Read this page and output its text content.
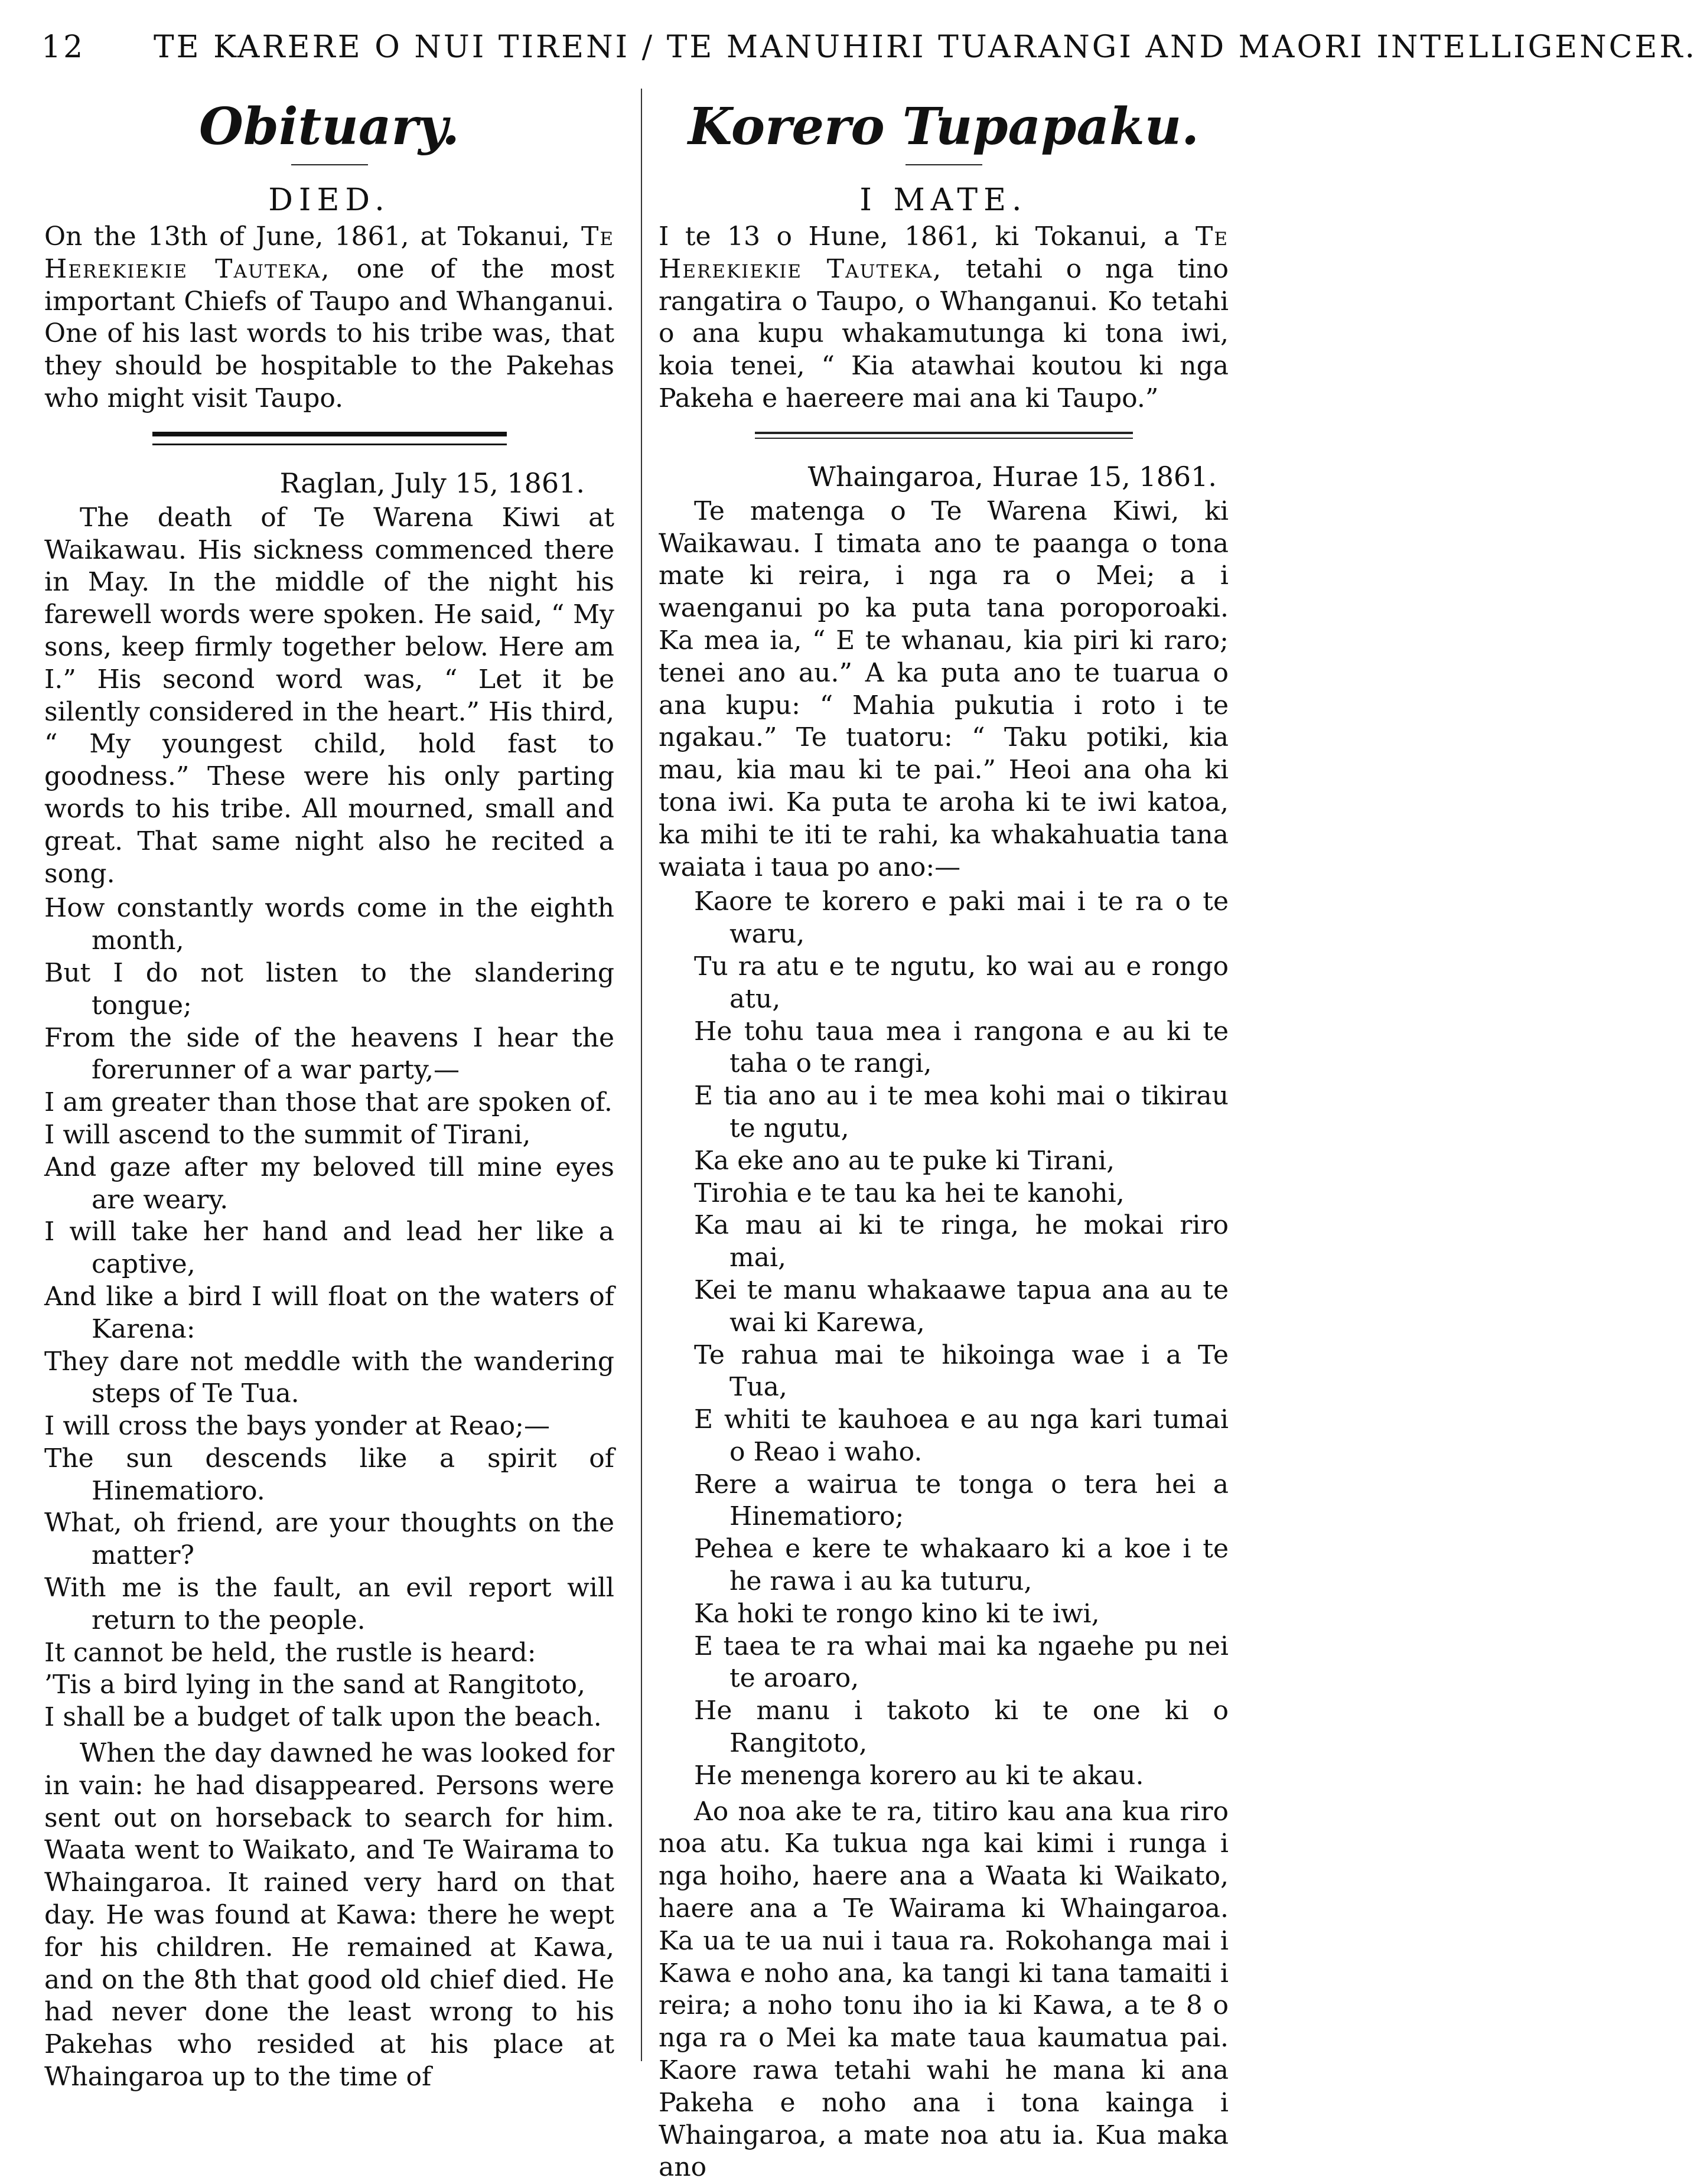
12 TE KARERE O NUI TIRENI / TE MANUHIRI TUARANGI AND MAORI INTELLIGENCER.
Obituary.
DIED.

On the 13th of June, 1861, at Tokanui, Te Herekiekie Tauteka, one of the most important Chiefs of Taupo and Whanganui. One of his last words to his tribe was, that they should be hospitable to the Pakehas who might visit Taupo.

Raglan, July 15, 1861.

The death of Te Warena Kiwi at Waikawau. His sickness commenced there in May. In the middle of the night his farewell words were spoken. He said, “ My sons, keep firmly together below. Here am I.” His second word was, “ Let it be silently considered in the heart.” His third, “ My youngest child, hold fast to goodness.” These were his only parting words to his tribe. All mourned, small and great. That same night also he recited a song.

How constantly words come in the eighth month,
But I do not listen to the slandering tongue;
From the side of the heavens I hear the forerunner of a war party,—
I am greater than those that are spoken of.
I will ascend to the summit of Tirani,
And gaze after my beloved till mine eyes are weary.
I will take her hand and lead her like a captive,
And like a bird I will float on the waters of Karena:
They dare not meddle with the wandering steps of Te Tua.
I will cross the bays yonder at Reao;—
The sun descends like a spirit of Hinematioro.
What, oh friend, are your thoughts on the matter?
With me is the fault, an evil report will return to the people.
It cannot be held, the rustle is heard:
’Tis a bird lying in the sand at Rangitoto,
I shall be a budget of talk upon the beach.

When the day dawned he was looked for in vain: he had disappeared. Persons were sent out on horseback to search for him. Waata went to Waikato, and Te Wairama to Whaingaroa. It rained very hard on that day. He was found at Kawa: there he wept for his children. He remained at Kawa, and on the 8th that good old chief died. He had never done the least wrong to his Pakehas who resided at his place at Whaingaroa up to the time of

Korero Tupapaku.
I MATE.

I te 13 o Hune, 1861, ki Tokanui, a Te Herekiekie Tauteka, tetahi o nga tino rangatira o Taupo, o Whanganui. Ko tetahi o ana kupu whakamutunga ki tona iwi, koia tenei, “ Kia atawhai koutou ki nga Pakeha e haereere mai ana ki Taupo.”

Whaingaroa, Hurae 15, 1861.

Te matenga o Te Warena Kiwi, ki Waikawau. I timata ano te paanga o tona mate ki reira, i nga ra o Mei; a i waenganui po ka puta tana poroporoaki. Ka mea ia, “ E te whanau, kia piri ki raro; tenei ano au.” A ka puta ano te tuarua o ana kupu: “ Mahia pukutia i roto i te ngakau.” Te tuatoru: “ Taku potiki, kia mau, kia mau ki te pai.” Heoi ana oha ki tona iwi. Ka puta te aroha ki te iwi katoa, ka mihi te iti te rahi, ka whakahuatia tana waiata i taua po ano:—

Kaore te korero e paki mai i te ra o te waru,
Tu ra atu e te ngutu, ko wai au e rongo atu,
He tohu taua mea i rangona e au ki te taha o te rangi,
E tia ano au i te mea kohi mai o tikirau te ngutu,
Ka eke ano au te puke ki Tirani,
Tirohia e te tau ka hei te kanohi,
Ka mau ai ki te ringa, he mokai riro mai,
Kei te manu whakaawe tapua ana au te wai ki Karewa,
Te rahua mai te hikoinga wae i a Te Tua,
E whiti te kauhoea e au nga kari tumai o Reao i waho.
Rere a wairua te tonga o tera hei a Hinematioro;
Pehea e kere te whakaaro ki a koe i te he rawa i au ka tuturu,
Ka hoki te rongo kino ki te iwi,
E taea te ra whai mai ka ngaehe pu nei te aroaro,
He manu i takoto ki te one ki o Rangitoto,
He menenga korero au ki te akau.

Ao noa ake te ra, titiro kau ana kua riro noa atu. Ka tukua nga kai kimi i runga i nga hoiho, haere ana a Waata ki Waikato, haere ana a Te Wairama ki Whaingaroa. Ka ua te ua nui i taua ra. Rokohanga mai i Kawa e noho ana, ka tangi ki tana tamaiti i reira; a noho tonu iho ia ki Kawa, a te 8 o nga ra o Mei ka mate taua kaumatua pai. Kaore rawa tetahi wahi he mana ki ana Pakeha e noho ana i tona kainga i Whaingaroa, a mate noa atu ia. Kua maka ano
